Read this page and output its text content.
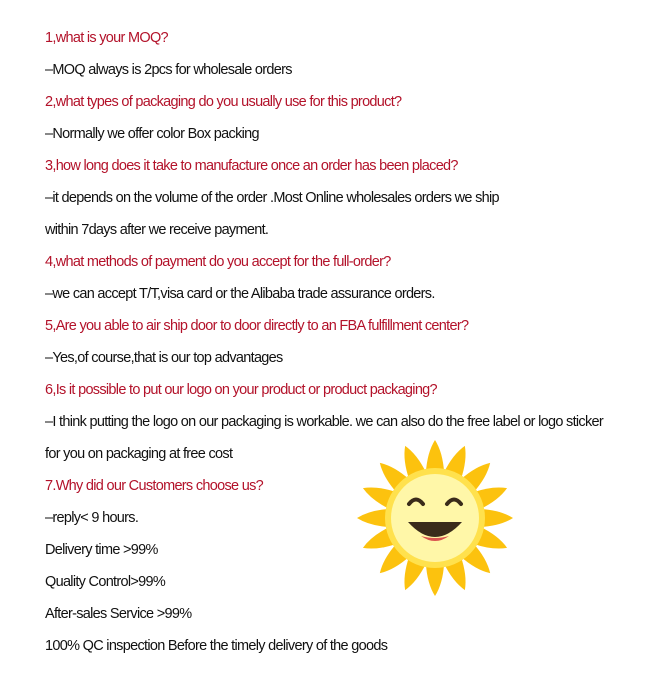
1,what is your MOQ?
–MOQ always is 2pcs for wholesale orders
2,what types of packaging do you usually use for this product?
–Normally we offer color Box packing
3,how long does it take to manufacture once an order has been placed?
–it depends on the volume of the order .Most Online wholesales orders we ship
within 7days after we receive payment.
4,what methods of payment do you accept for the full-order?
–we can accept T/T,visa card or the Alibaba trade assurance orders.
5,Are you able to air ship door to door directly to an FBA fulfillment center?
–Yes,of course,that is our top advantages
6,Is it possible to put our logo on your product or product packaging?
–I think putting the logo on our packaging is workable. we can also do the free label or logo sticker
for you on packaging at free cost
7.Why did our Customers choose us?
–reply< 9 hours.
Delivery time >99%
Quality Control>99%
After-sales Service >99%
100% QC inspection Before the timely delivery of the goods
